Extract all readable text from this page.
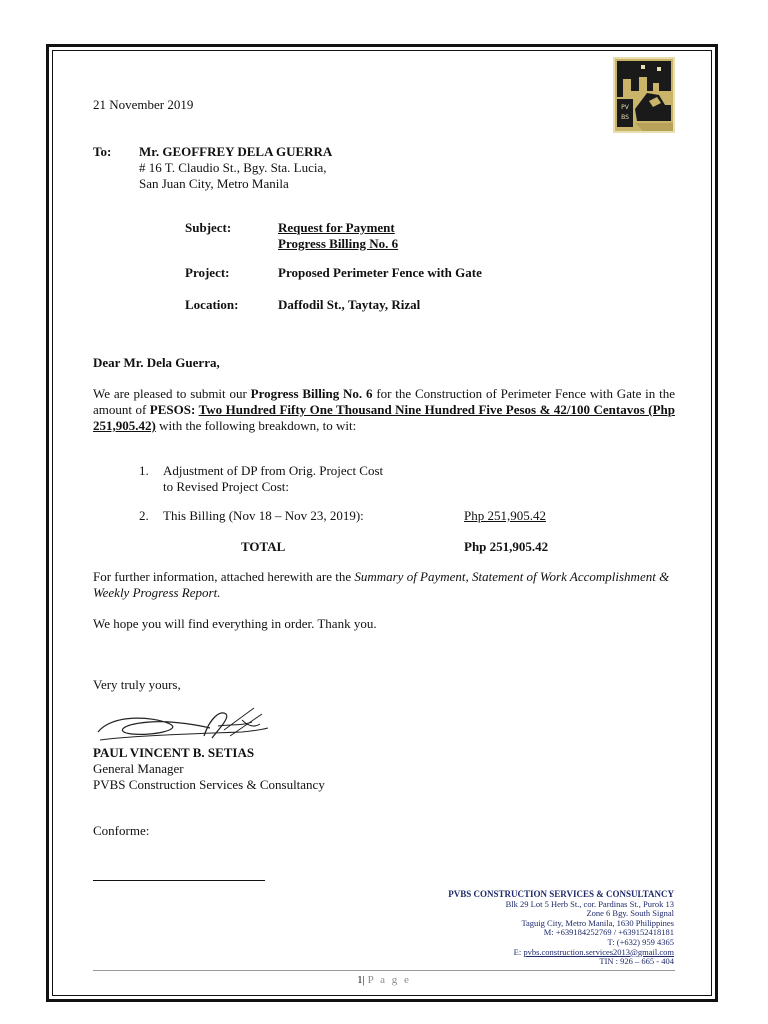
PV
BS
21 November 2019
To: Mr. GEOFFREY DELA GUERRA
# 16 T. Claudio St., Bgy. Sta. Lucia,
San Juan City, Metro Manila
Subject:	Request for Payment
Progress Billing No. 6
Project:	Proposed Perimeter Fence with Gate
Location:	Daffodil St., Taytay, Rizal
Dear Mr. Dela Guerra,
We are pleased to submit our Progress Billing No. 6 for the Construction of Perimeter Fence with Gate in the amount of PESOS: Two Hundred Fifty One Thousand Nine Hundred Five Pesos & 42/100 Centavos (Php 251,905.42) with the following breakdown, to wit:
1. Adjustment of DP from Orig. Project Cost
to Revised Project Cost:
2. This Billing (Nov 18 – Nov 23, 2019):	Php 251,905.42
TOTAL	Php 251,905.42
For further information, attached herewith are the Summary of Payment, Statement of Work Accomplishment & Weekly Progress Report.
We hope you will find everything in order. Thank you.
Very truly yours,
PAUL VINCENT B. SETIAS
General Manager
PVBS Construction Services & Consultancy
Conforme:
PVBS CONSTRUCTION SERVICES & CONSULTANCY
Blk 29 Lot 5 Herb St., cor. Pardinas St., Purok 13
Zone 6 Bgy. South Signal
Taguig City, Metro Manila, 1630 Philippines
M: +639184252769 / +639152418181
T: (+632) 959 4365
E: pvbs.construction.services2013@gmail.com
TIN : 926 – 665 - 404
1| P a g e
